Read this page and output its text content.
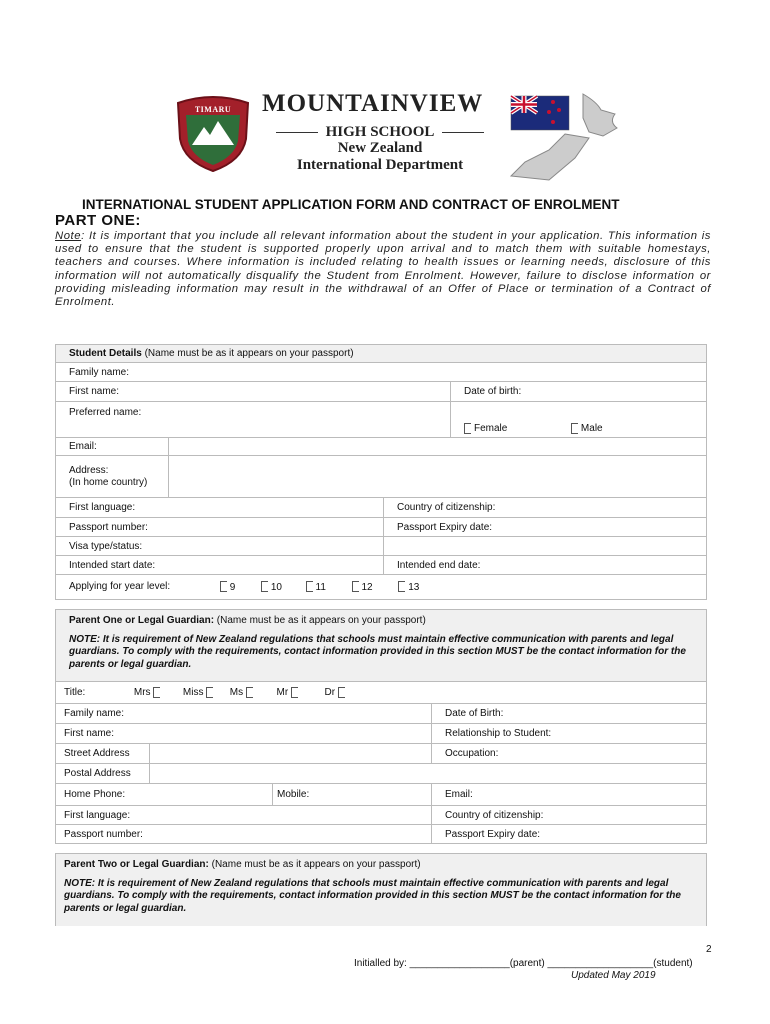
TIMARU MOUNTAINVIEW
HIGH SCHOOL
New Zealand
International Department
INTERNATIONAL STUDENT APPLICATION FORM AND CONTRACT OF ENROLMENT
PART ONE:
Note: It is important that you include all relevant information about the student in your application. This information is used to ensure that the student is supported properly upon arrival and to match them with suitable homestays, teachers and courses. Where information is included relating to health issues or learning needs, disclosure of this information will not automatically disqualify the Student from Enrolment. However, failure to disclose information or providing misleading information may result in the withdrawal of an Offer of Place or termination of a Contract of Enrolment.
Student Details (Name must be as it appears on your passport)			
Family name:			
First name:			Date of birth:
Preferred name:			Female Male
Email:			

Address:
(In home country)			

First language:		Country of citizenship:	
Passport number:		Passport Expiry date:	
Visa type/status:			
Intended start date:		Intended end date:	
Applying for year level: 9 10 11 12 13			
Parent One or Legal Guardian: (Name must be as it appears on your passport)			
NOTE: It is requirement of New Zealand regulations that schools must maintain effective communication with parents and legal guardians. To comply with the requirements, contact information provided in this section MUST be the contact information for the parents or legal guardian.			
Title: Mrs Miss Ms Mr Dr			
Family name:			Date of Birth:
First name:			Relationship to Student:
Street Address			Occupation:
Postal Address			
Home Phone:		Mobile:	Email:
First language:			Country of citizenship:
Passport number:			Passport Expiry date:
Parent Two or Legal Guardian: (Name must be as it appears on your passport)
NOTE: It is requirement of New Zealand regulations that schools must maintain effective communication with parents and legal guardians. To comply with the requirements, contact information provided in this section MUST be the contact information for the parents or legal guardian.
2
Initialled by: __________________(parent) ___________________(student)
Updated May 2019
